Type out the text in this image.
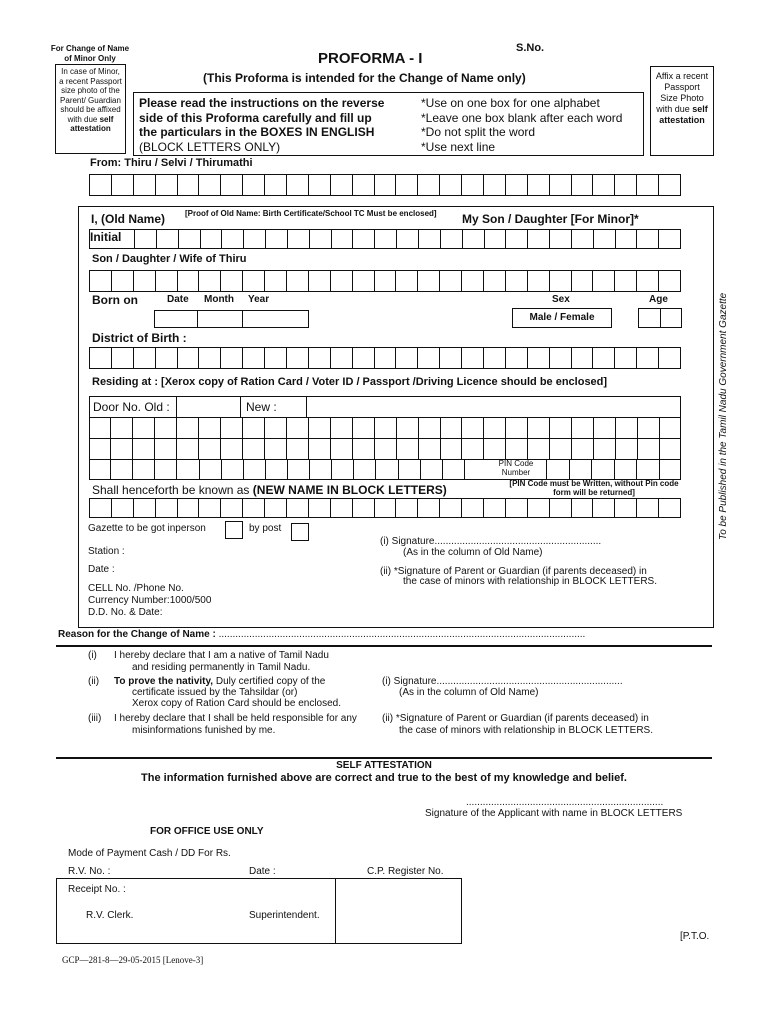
For Change of Name of Minor Only
In case of Minor, a recent Passport size photo of the Parent/ Guardian should be affixed with due self attestation
PROFORMA - I
S.No.
(This Proforma is intended for the Change of Name only)	Affix a recent Passport Size Photo with due self attestation
Please read the instructions on the reverse
side of this Proforma carefully and fill up
the particulars in the BOXES IN ENGLISH
(BLOCK LETTERS ONLY)
*Use on one box for one alphabet
*Leave one box blank after each word
*Do not split the word
*Use next line
From: Thiru / Selvi / Thirumathi
I, (Old Name) [Proof of Old Name: Birth Certificate/School TC Must be enclosed]	My Son / Daughter [For Minor]*
Initial
Son / Daughter / Wife of Thiru
Born on	Date Month Year	Sex	Age
Male / Female
District of Birth :
Residing at : [Xerox copy of Ration Card / Voter ID / Passport /Driving Licence should be enclosed]
Door No. Old :	New :
PIN Code Number
Shall henceforth be known as (NEW NAME IN BLOCK LETTERS)	[PIN Code must be Written, without Pin code form will be returned]
Gazette to be got inperson	by post
Station :
Date :
CELL No. /Phone No.
Currency Number:1000/500
D.D. No. & Date:
(i) Signature............................................................
(As in the column of Old Name)
(ii) *Signature of Parent or Guardian (if parents deceased) in
the case of minors with relationship in BLOCK LETTERS.
To be Published in the Tamil Nadu Government Gazette
Reason for the Change of Name : ....................................................................................................................................
(i) I hereby declare that I am a native of Tamil Nadu
and residing permanently in Tamil Nadu.
(ii) To prove the nativity, Duly certified copy of the
certificate issued by the Tahsildar (or)
Xerox copy of Ration Card should be enclosed.
(iii) I hereby declare that I shall be held responsible for any
misinformations funished by me.
(i) Signature...................................................................
(As in the column of Old Name)
(ii) *Signature of Parent or Guardian (if parents deceased) in
the case of minors with relationship in BLOCK LETTERS.
SELF ATTESTATION
The information furnished above are correct and true to the best of my knowledge and belief.
.......................................................................
Signature of the Applicant with name in BLOCK LETTERS
FOR OFFICE USE ONLY
Mode of Payment Cash / DD For Rs.
R.V. No. :	Date :	C.P. Register No.
Receipt No. :
R.V. Clerk.	Superintendent.
[P.T.O.
GCP—281-8—29-05-2015 [Lenove-3]
